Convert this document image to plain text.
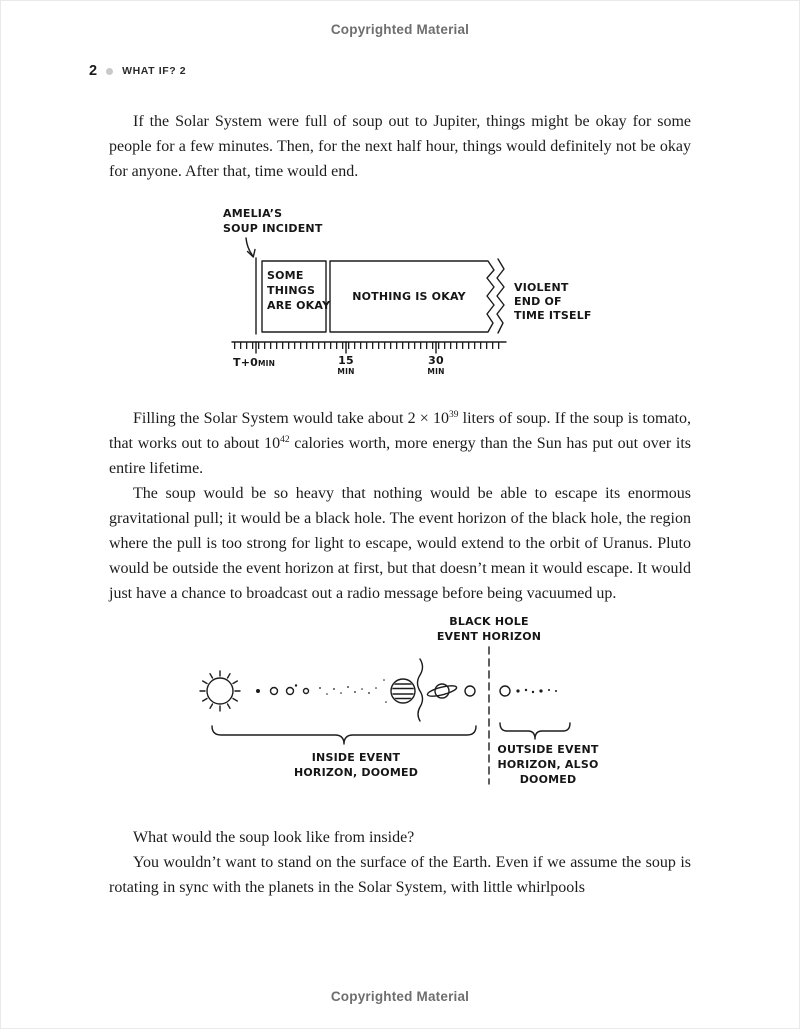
Copyrighted Material
2 WHAT IF? 2

If the Solar System were full of soup out to Jupiter, things might be okay for some people for a few minutes. Then, for the next half hour, things would definitely not be okay for anyone. After that, time would end.

AMELIA’S
SOUP INCIDENT
SOME
THINGS
ARE OKAY
NOTHING IS OKAY
VIOLENT
END OF
TIME ITSELF
T+0 MIN	15
MIN
30
MIN

Filling the Solar System would take about $2 \times 10^{39}$ liters of soup. If the soup is tomato, that works out to about $10^{42}$ calories worth, more energy than the Sun has put out over its entire lifetime.

The soup would be so heavy that nothing would be able to escape its enormous gravitational pull; it would be a black hole. The event horizon of the black hole, the region where the pull is too strong for light to escape, would extend to the orbit of Uranus. Pluto would be outside the event horizon at first, but that doesn’t mean it would escape. It would just have a chance to broadcast out a radio message before being vacuumed up.

BLACK HOLE
EVENT HORIZON
INSIDE EVENT
HORIZON, DOOMED
OUTSIDE EVENT
HORIZON, ALSO
DOOMED

What would the soup look like from inside?

You wouldn’t want to stand on the surface of the Earth. Even if we assume the soup is rotating in sync with the planets in the Solar System, with little whirlpools

Copyrighted Material
